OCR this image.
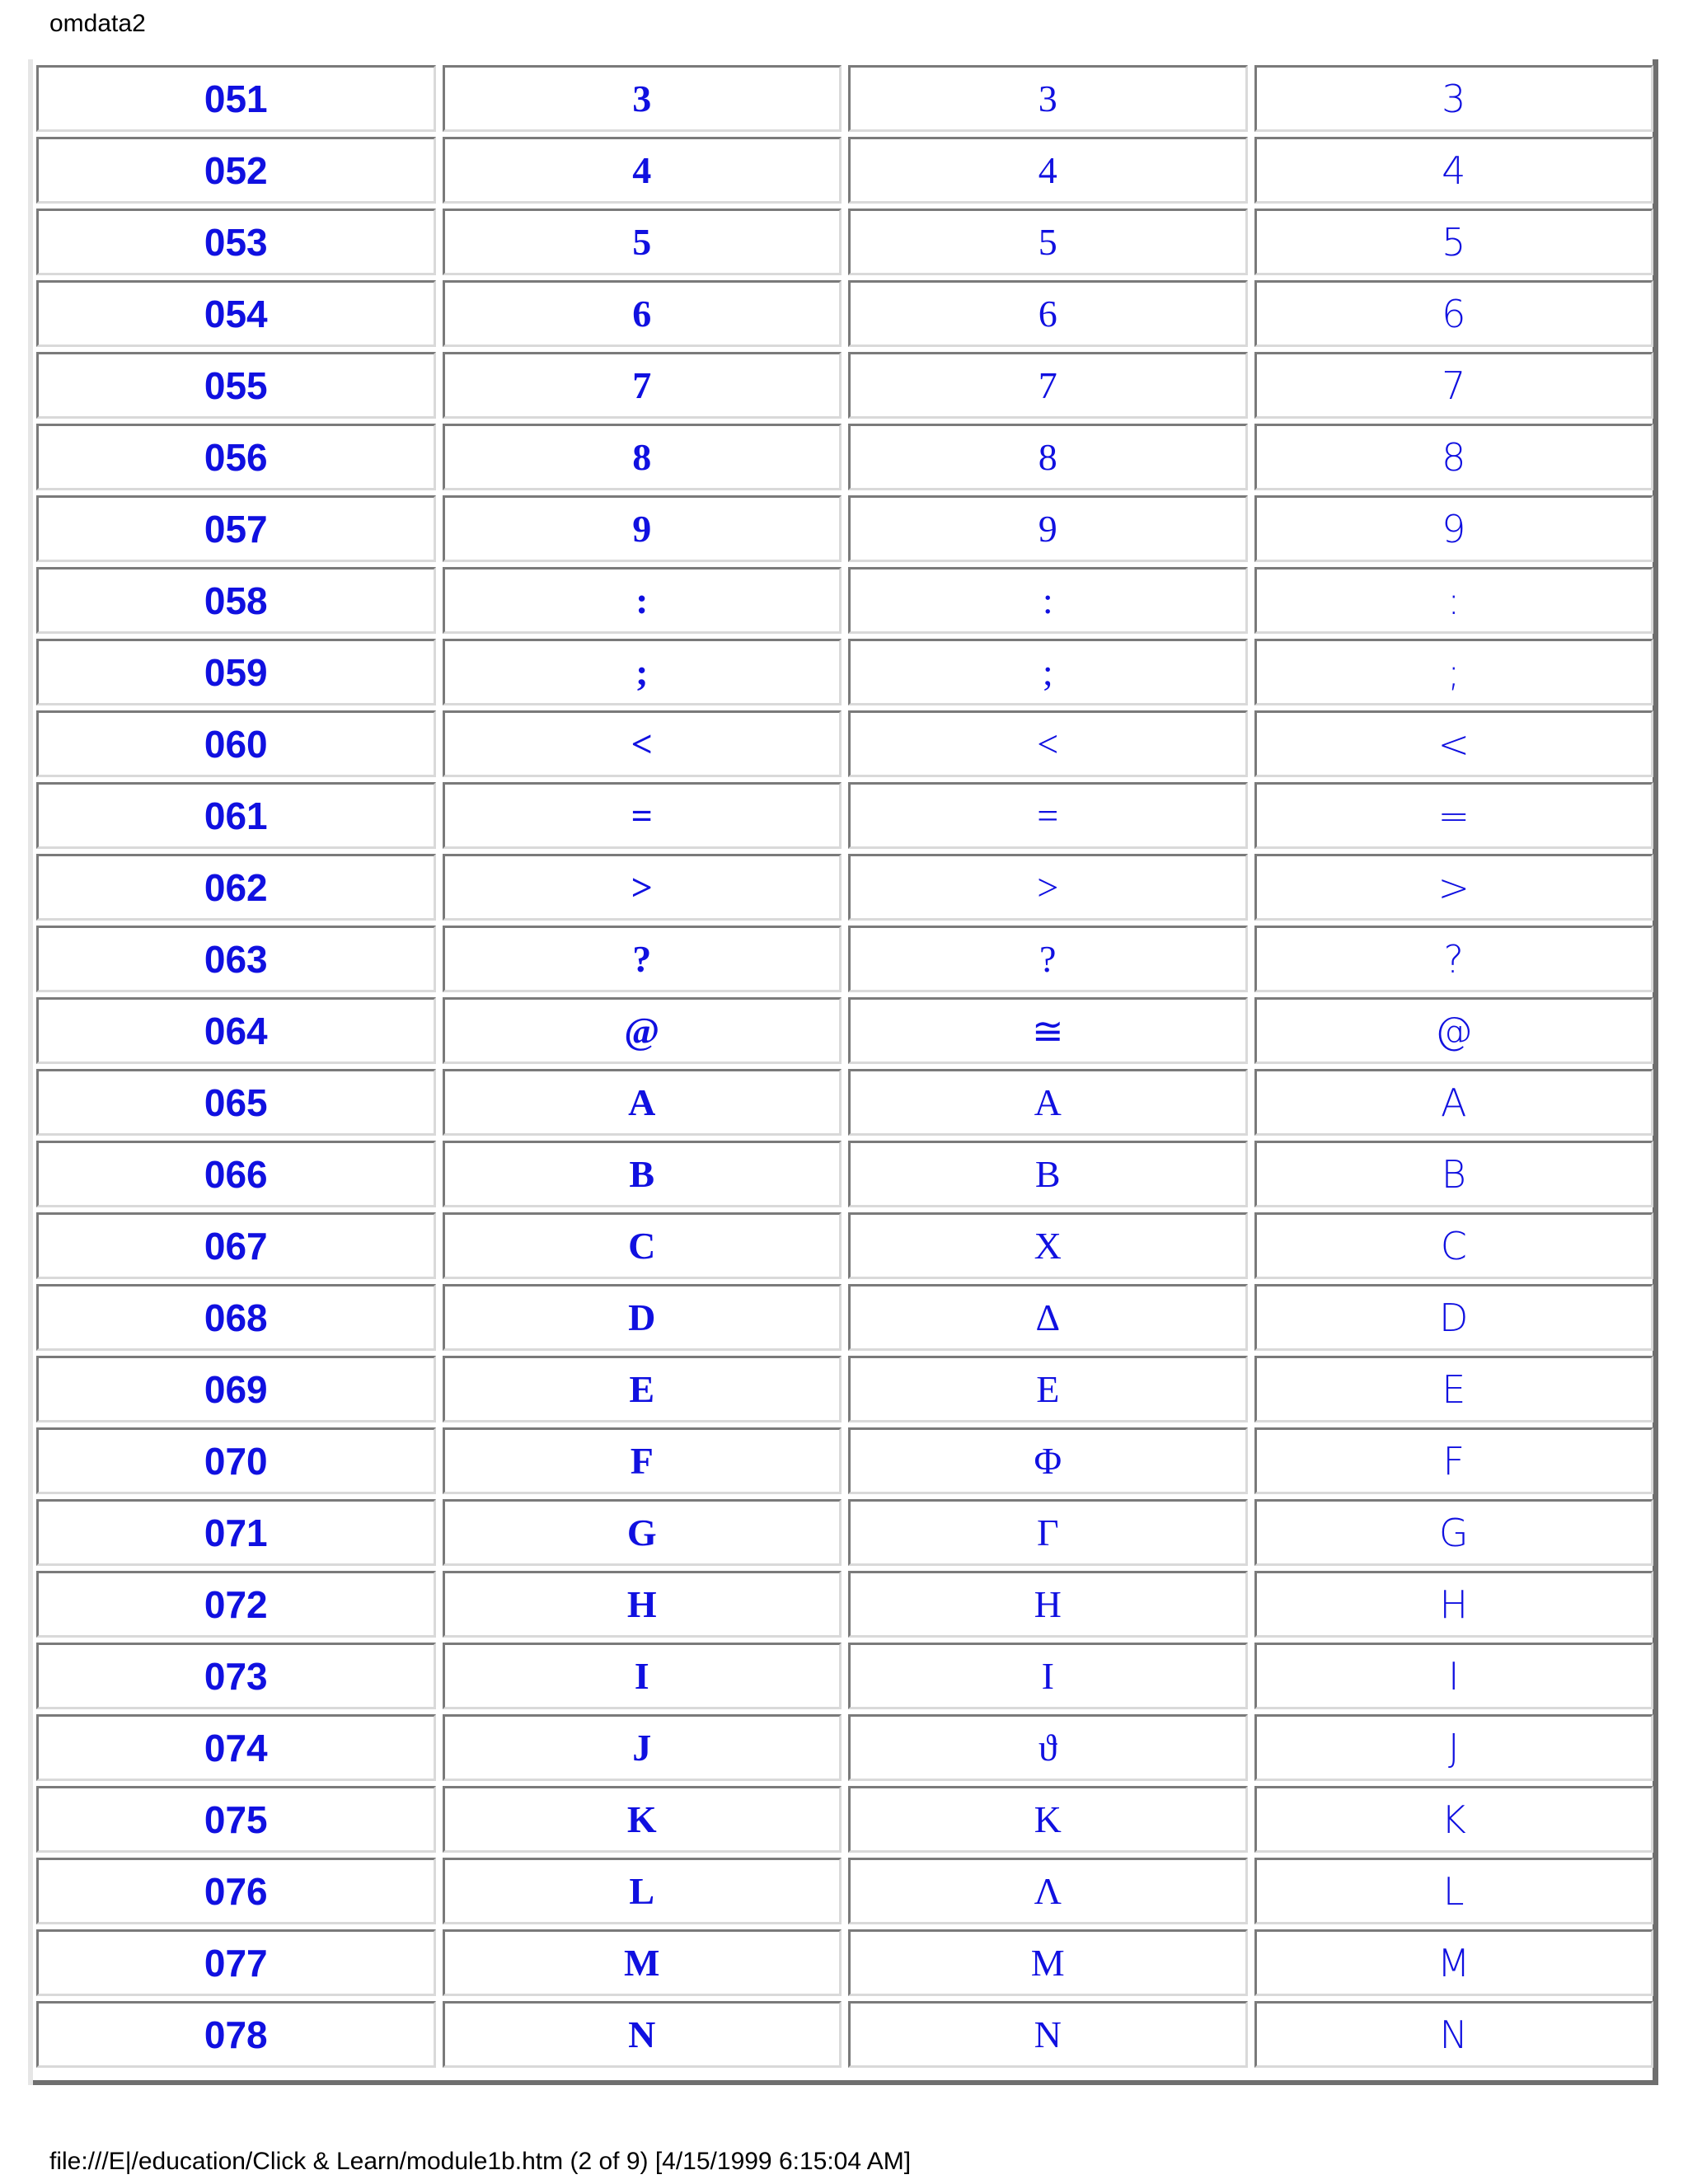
omdata2
051	3	3	3
052	4	4	4
053	5	5	5
054	6	6	6
055	7	7	7
056	8	8	8
057	9	9	9
058	:	:	:
059	;	;	;
060	<	<	<
061	=	=	=
062	>	>	>
063	?	?	?
064	@	≅	@
065	A	Α	A
066	B	Β	B
067	C	Χ	C
068	D	Δ	D
069	E	Ε	E
070	F	Φ	F
071	G	Γ	G
072	H	Η	H
073	I	Ι	I
074	J	ϑ	J
075	K	Κ	K
076	L	Λ	L
077	M	Μ	M
078	N	Ν	N
file:///E|/education/Click & Learn/module1b.htm (2 of 9) [4/15/1999 6:15:04 AM]
